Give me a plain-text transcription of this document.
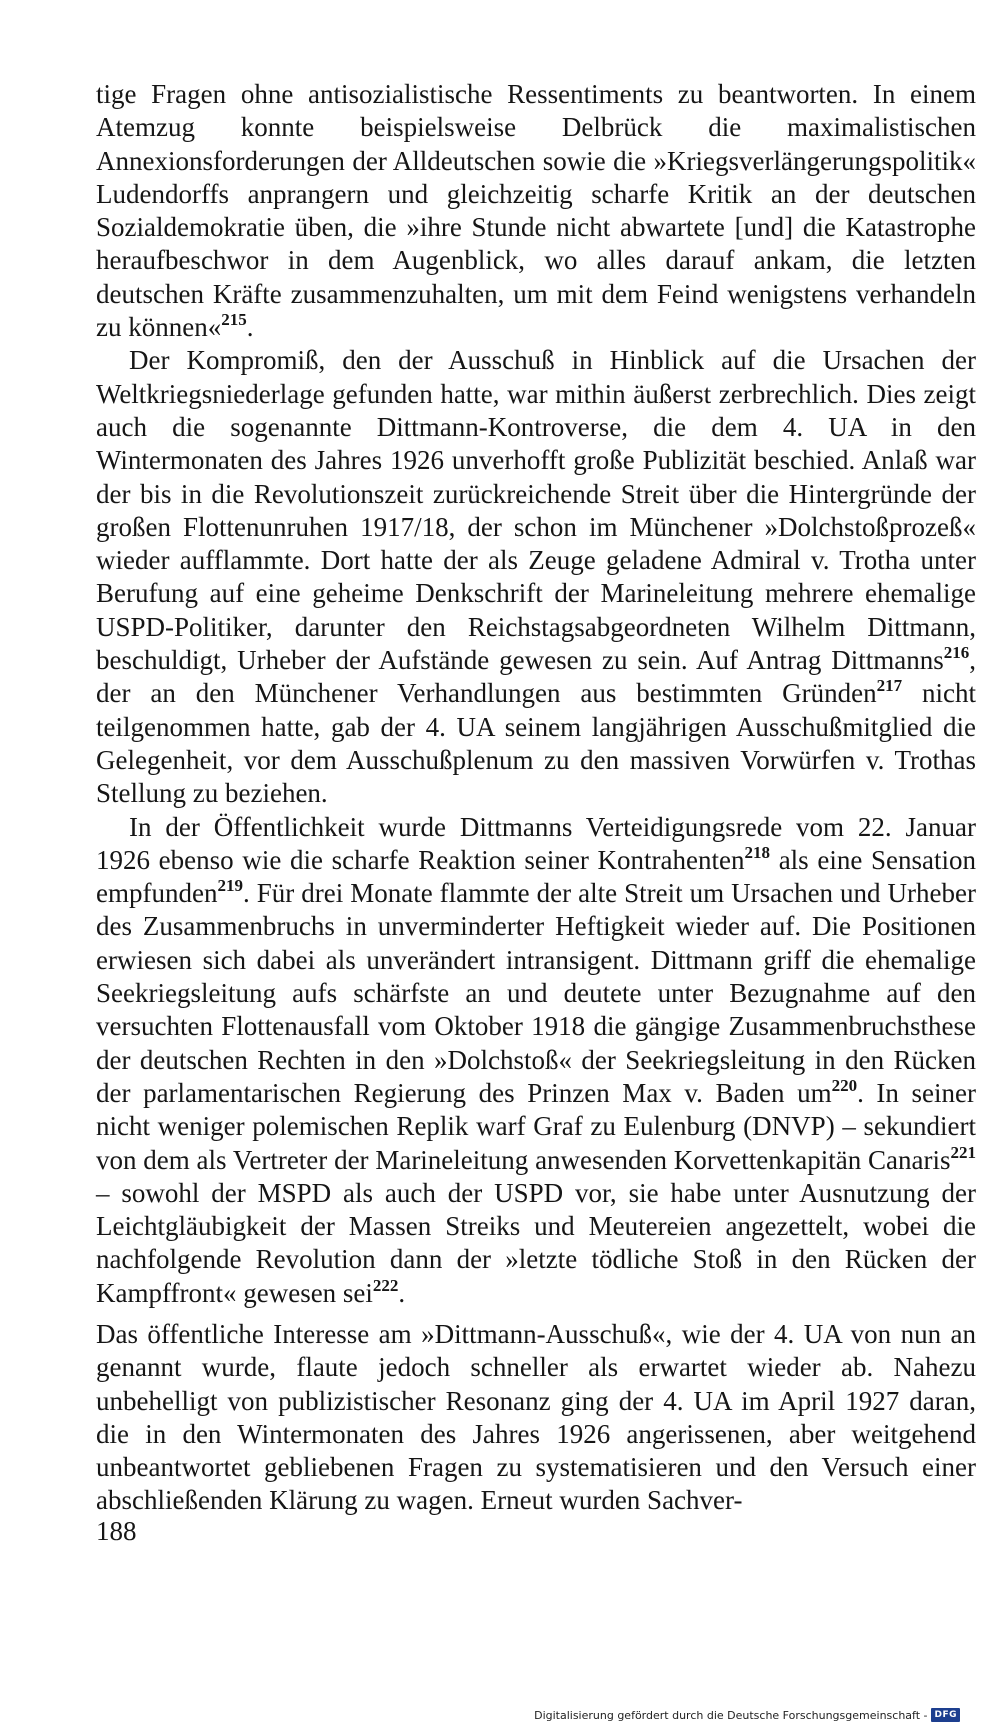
tige Fragen ohne antisozialistische Ressentiments zu beantworten. In einem Atemzug konnte beispielsweise Delbrück die maximalistischen Annexionsforderungen der Alldeutschen sowie die »Kriegsverlängerungspolitik« Ludendorffs anprangern und gleichzeitig scharfe Kritik an der deutschen Sozialdemokratie üben, die »ihre Stunde nicht abwartete [und] die Katastrophe heraufbeschwor in dem Augenblick, wo alles darauf ankam, die letzten deutschen Kräfte zusammenzuhalten, um mit dem Feind wenigstens verhandeln zu können«$^{215}$.

Der Kompromiß, den der Ausschuß in Hinblick auf die Ursachen der Weltkriegsniederlage gefunden hatte, war mithin äußerst zerbrechlich. Dies zeigt auch die sogenannte Dittmann-Kontroverse, die dem 4. UA in den Wintermonaten des Jahres 1926 unverhofft große Publizität beschied. Anlaß war der bis in die Revolutionszeit zurückreichende Streit über die Hintergründe der großen Flottenunruhen 1917/18, der schon im Münchener »Dolchstoßprozeß« wieder aufflammte. Dort hatte der als Zeuge geladene Admiral v. Trotha unter Berufung auf eine geheime Denkschrift der Marineleitung mehrere ehemalige USPD-Politiker, darunter den Reichstagsabgeordneten Wilhelm Dittmann, beschuldigt, Urheber der Aufstände gewesen zu sein. Auf Antrag Dittmanns$^{216}$, der an den Münchener Verhandlungen aus bestimmten Gründen$^{217}$ nicht teilgenommen hatte, gab der 4. UA seinem langjährigen Ausschußmitglied die Gelegenheit, vor dem Ausschußplenum zu den massiven Vorwürfen v. Trothas Stellung zu beziehen.

In der Öffentlichkeit wurde Dittmanns Verteidigungsrede vom 22. Januar 1926 ebenso wie die scharfe Reaktion seiner Kontrahenten$^{218}$ als eine Sensation empfunden$^{219}$. Für drei Monate flammte der alte Streit um Ursachen und Urheber des Zusammenbruchs in unverminderter Heftigkeit wieder auf. Die Positionen erwiesen sich dabei als unverändert intransigent. Dittmann griff die ehemalige Seekriegsleitung aufs schärfste an und deutete unter Bezugnahme auf den versuchten Flottenausfall vom Oktober 1918 die gängige Zusammenbruchsthese der deutschen Rechten in den »Dolchstoß« der Seekriegsleitung in den Rücken der parlamentarischen Regierung des Prinzen Max v. Baden $um^{220}$. In seiner nicht weniger polemischen Replik warf Graf zu Eulenburg (DNVP) – sekundiert von dem als Vertreter der Marineleitung anwesenden Korvettenkapitän Canaris$^{221}$ – sowohl der MSPD als auch der USPD vor, sie habe unter Ausnutzung der Leichtgläubigkeit der Massen Streiks und Meutereien angezettelt, wobei die nachfolgende Revolution dann der »letzte tödliche Stoß in den Rücken der Kampffront« gewesen sei$^{222}$.

Das öffentliche Interesse am »Dittmann-Ausschuß«, wie der 4. UA von nun an genannt wurde, flaute jedoch schneller als erwartet wieder ab. Nahezu unbehelligt von publizistischer Resonanz ging der 4. UA im April 1927 daran, die in den Wintermonaten des Jahres 1926 angerissenen, aber weitgehend unbeantwortet gebliebenen Fragen zu systematisieren und den Versuch einer abschließenden Klärung zu wagen. Erneut wurden Sachver-

188
Digitalisierung gefördert durch die Deutsche Forschungsgemeinschaft - DFG
